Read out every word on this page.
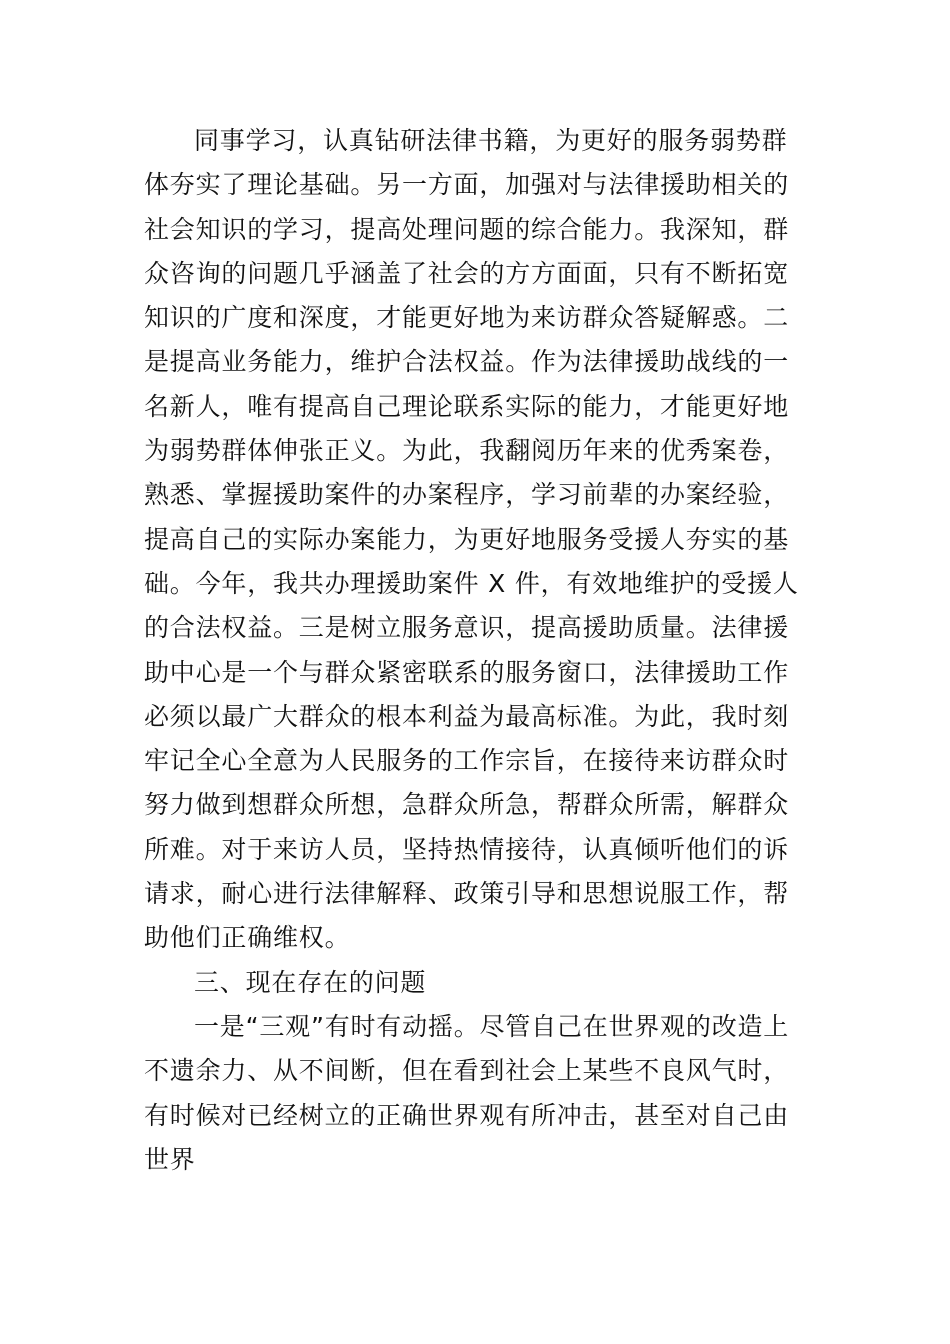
同事学习，认真钻研法律书籍，为更好的服务弱势群
体夯实了理论基础。另一方面，加强对与法律援助相关的
社会知识的学习，提高处理问题的综合能力。我深知，群
众咨询的问题几乎涵盖了社会的方方面面，只有不断拓宽
知识的广度和深度，才能更好地为来访群众答疑解惑。二
是提高业务能力，维护合法权益。作为法律援助战线的一
名新人，唯有提高自己理论联系实际的能力，才能更好地
为弱势群体伸张正义。为此，我翻阅历年来的优秀案卷，
熟悉、掌握援助案件的办案程序，学习前辈的办案经验，
提高自己的实际办案能力，为更好地服务受援人夯实的基
础。今年，我共办理援助案件 X 件，有效地维护的受援人
的合法权益。三是树立服务意识，提高援助质量。法律援
助中心是一个与群众紧密联系的服务窗口，法律援助工作
必须以最广大群众的根本利益为最高标准。为此，我时刻
牢记全心全意为人民服务的工作宗旨，在接待来访群众时
努力做到想群众所想，急群众所急，帮群众所需，解群众
所难。对于来访人员，坚持热情接待，认真倾听他们的诉
请求，耐心进行法律解释、政策引导和思想说服工作，帮
助他们正确维权。
三、现在存在的问题
一是“三观”有时有动摇。尽管自己在世界观的改造上
不遗余力、从不间断，但在看到社会上某些不良风气时，
有时候对已经树立的正确世界观有所冲击，甚至对自己由
世界
